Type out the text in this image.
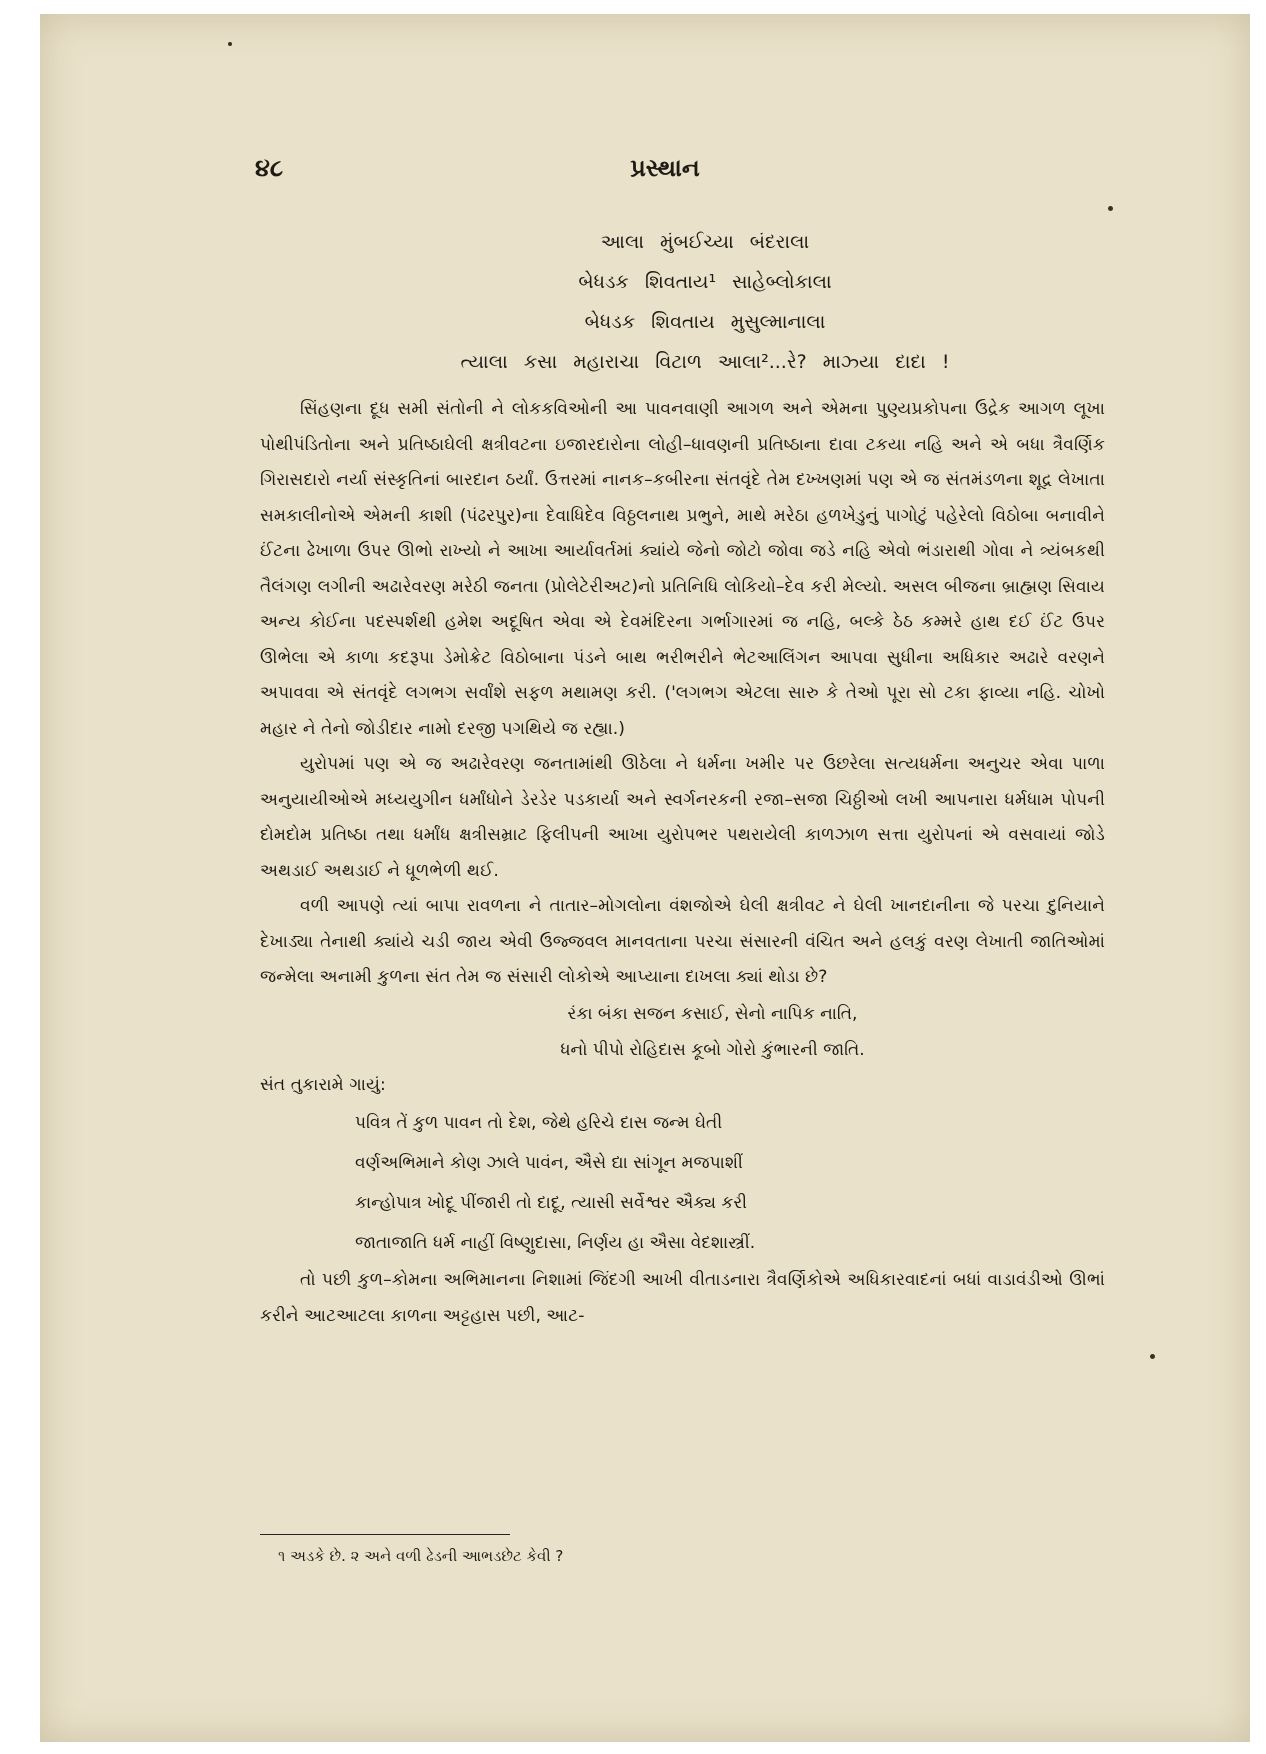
૪૮	પ્રસ્થાન
આલા મુંબઈચ્યા બંદરાલા
બેધડક શિવતાય¹ સાહેબ્લોકાલા
બેધડક શિવતાય મુસુલ્માનાલા
ત્યાલા કસા મહારાચા વિટાળ આલા²...રે? માઝ્યા દાદા !

સિંહણના દૂધ સમી સંતોની ને લોકકવિઓની આ પાવનવાણી આગળ અને એમના પુણ્યપ્રકોપના ઉદ્રેક આગળ લૂખા પોથીપંડિતોના અને પ્રતિષ્ઠાઘેલી ક્ષત્રીવટના ઇજારદારોના લોહી–ધાવણની પ્રતિષ્ઠાના દાવા ટકયા નહિ અને એ બધા ત્રૈવર્ણિક ગિરાસદારો નર્યા સંસ્કૃતિનાં બારદાન ઠર્યાં. ઉત્તરમાં નાનક–કબીરના સંતવૃંદે તેમ દખ્ખણમાં પણ એ જ સંતમંડળના શૂદ્ર લેખાતા સમકાલીનોએ એમની કાશી (પંઢરપુર)ના દેવાધિદેવ વિઠ્ઠલનાથ પ્રભુને, માથે મરેઠા હળખેડુનું પાગોટું પહેરેલો વિઠોબા બનાવીને ઈંટના ઢેખાળા ઉપર ઊભો રાખ્યો ને આખા આર્યાવર્તમાં ક્યાંયે જેનો જોટો જોવા જડે નહિ એવો ભંડારાથી ગોવા ને ત્ર્યંબકથી તૈલંગણ લગીની અઢારેવરણ મરેઠી જનતા (પ્રોલેટેરીઅટ)નો પ્રતિનિધિ લોકિયો–દેવ કરી મેલ્યો. અસલ બીજના બ્રાહ્મણ સિવાય અન્ય કોઈના પદસ્પર્શથી હમેશ અદૂષિત એવા એ દેવમંદિરના ગર્ભાગારમાં જ નહિ, બલ્કે ઠેઠ કમ્મરે હાથ દઈ ઈંટ ઉપર ઊભેલા એ કાળા કદરૂપા ડેમોક્રેટ વિઠોબાના પંડને બાથ ભરીભરીને ભેટઆલિંગન આપવા સુધીના અધિકાર અઢારે વરણને અપાવવા એ સંતવૃંદે લગભગ સર્વાંશે સફળ મથામણ કરી. ('લગભગ એટલા સારુ કે તેઓ પૂરા સો ટકા ફાવ્યા નહિ. ચોખો મહાર ને તેનો જોડીદાર નામો દરજી પગથિયે જ રહ્યા.)

યુરોપમાં પણ એ જ અઢારેવરણ જનતામાંથી ઊઠેલા ને ધર્મના ખમીર પર ઉછરેલા સત્યધર્મના અનુચર એવા પાળા અનુયાયીઓએ મધ્યયુગીન ધર્માંધોને ડેરડેર પડકાર્યા અને સ્વર્ગનરકની રજા–સજા ચિઠ્ઠીઓ લખી આપનારા ધર્મધામ પોપની દોમદોમ પ્રતિષ્ઠા તથા ધર્માંધ ક્ષત્રીસમ્રાટ ફિલીપની આખા યુરોપભર પથરાયેલી કાળઝાળ સત્તા યુરોપનાં એ વસવાયાં જોડે અથડાઈ અથડાઈ ને ધૂળભેળી થઈ.

વળી આપણે ત્યાં બાપા રાવળના ને તાતાર–મોગલોના વંશજોએ ઘેલી ક્ષત્રીવટ ને ઘેલી ખાનદાનીના જે પરચા દુનિયાને દેખાડ્યા તેનાથી ક્યાંયે ચડી જાય એવી ઉજ્જવલ માનવતાના પરચા સંસારની વંચિત અને હલકું વરણ લેખાતી જાતિઓમાં જન્મેલા અનામી કુળના સંત તેમ જ સંસારી લોકોએ આપ્યાના દાખલા ક્યાં થોડા છે?

રંકા બંકા સજન કસાઈ, સેનો નાપિક નાતિ,
ધનો પીપો રોહિદાસ કૂબો ગોરો કુંભારની જાતિ.

સંત તુકારામે ગાયું:

પવિત્ર તેં કુળ પાવન તો દેશ, જેથે હરિચે દાસ જન્મ ઘેતી
વર્ણઅભિમાને કોણ ઝાલે પાવંન, ઐસે દ્યા સાંગૂન મજપાશીં
કાન્હોપાત્ર ખોદૂ પીંજારી તો દાદૂ, ત્યાસી સર્વેશ્વર ઐક્ય કરી
જાતાજાતિ ધર્મ નાહીં વિષ્ણુદાસા, નિર્ણય હા ઐસા વેદશાસ્ત્રીં.

તો પછી કુળ–કોમના અભિમાનના નિશામાં જિંદગી આખી વીતાડનારા ત્રૈવર્ણિકોએ અધિકારવાદનાં બધાં વાડાવંડીઓ ઊભાં કરીને આટઆટલા કાળના અટ્ટહાસ પછી, આટ-

૧ અડકે છે. ૨ અને વળી ઢેડની આભડછેટ કેવી ?
